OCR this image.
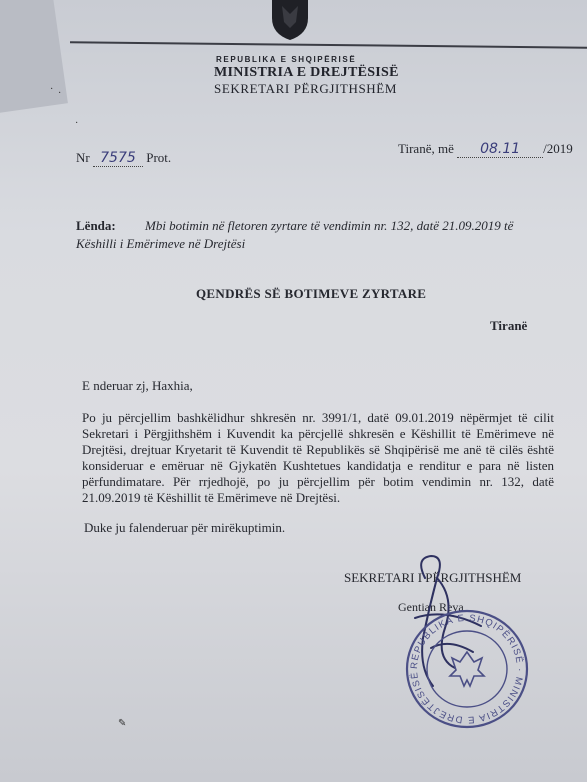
REPUBLIKA E SHQIPËRISË
MINISTRIA E DREJTËSISË
SEKRETARI PËRGJITHSHËM
· ·
·
✎
Nr 7575 Prot.
Tiranë, më 08.11 /2019
Lënda: Mbi botimin në fletoren zyrtare të vendimin nr. 132, datë 21.09.2019 të
Këshilli i Emërimeve në Drejtësi
QENDRËS SË BOTIMEVE ZYRTARE
Tiranë
E nderuar zj, Haxhia,
Po ju përcjellim bashkëlidhur shkresën nr. 3991/1, datë 09.01.2019 nëpërmjet të cilit Sekretari i Përgjithshëm i Kuvendit ka përcjellë shkresën e Këshillit të Emërimeve në Drejtësi, drejtuar Kryetarit të Kuvendit të Republikës së Shqipërisë me anë të cilës është konsideruar e emëruar në Gjykatën Kushtetues kandidatja e renditur e para në listen përfundimatare. Për rrjedhojë, po ju përcjellim për botim vendimin nr. 132, datë 21.09.2019 të Këshillit të Emërimeve në Drejtësi.
Duke ju falenderuar për mirëkuptimin.
SEKRETARI I PËRGJITHSHËM
Gentian Reva
REPUBLIKA E SHQIPËRISË · MINISTRIA E DREJTËSISË
